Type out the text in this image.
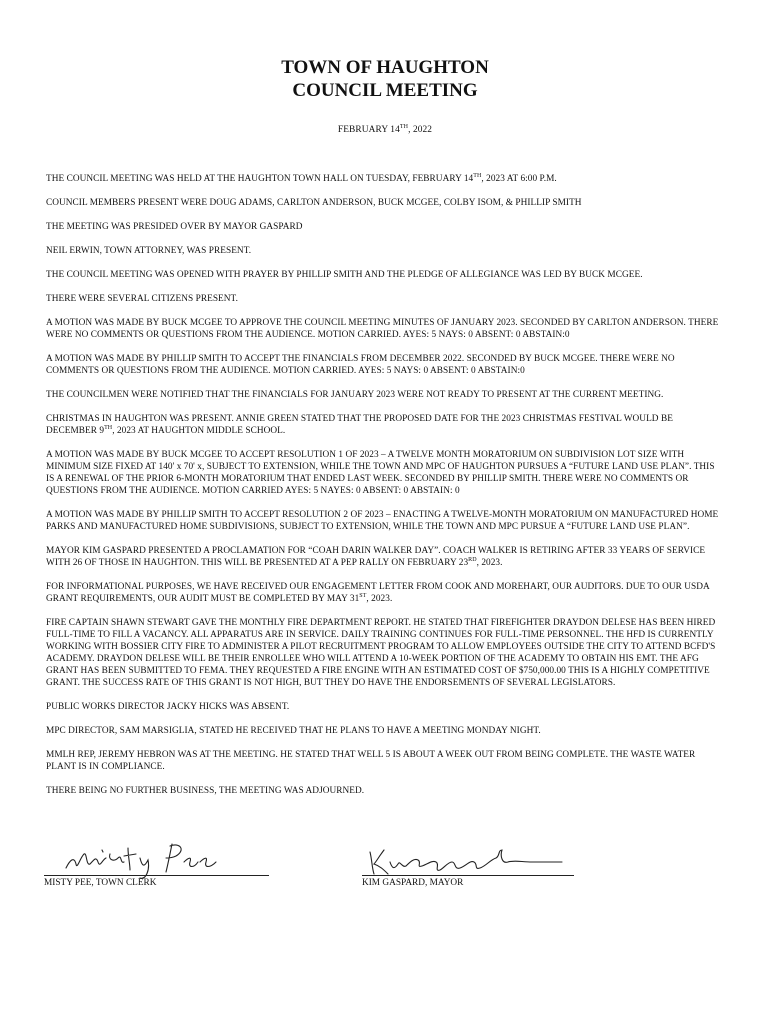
TOWN OF HAUGHTON
COUNCIL MEETING
FEBRUARY 14TH, 2022

THE COUNCIL MEETING WAS HELD AT THE HAUGHTON TOWN HALL ON TUESDAY, FEBRUARY 14TH, 2023 AT 6:00 P.M.

COUNCIL MEMBERS PRESENT WERE DOUG ADAMS, CARLTON ANDERSON, BUCK MCGEE, COLBY ISOM, & PHILLIP SMITH

THE MEETING WAS PRESIDED OVER BY MAYOR GASPARD

NEIL ERWIN, TOWN ATTORNEY, WAS PRESENT.

THE COUNCIL MEETING WAS OPENED WITH PRAYER BY PHILLIP SMITH AND THE PLEDGE OF ALLEGIANCE WAS LED BY BUCK MCGEE.

THERE WERE SEVERAL CITIZENS PRESENT.

A MOTION WAS MADE BY BUCK MCGEE TO APPROVE THE COUNCIL MEETING MINUTES OF JANUARY 2023. SECONDED BY CARLTON ANDERSON. THERE WERE NO COMMENTS OR QUESTIONS FROM THE AUDIENCE. MOTION CARRIED. AYES: 5 NAYS: 0 ABSENT: 0 ABSTAIN:0

A MOTION WAS MADE BY PHILLIP SMITH TO ACCEPT THE FINANCIALS FROM DECEMBER 2022. SECONDED BY BUCK MCGEE. THERE WERE NO COMMENTS OR QUESTIONS FROM THE AUDIENCE. MOTION CARRIED. AYES: 5 NAYS: 0 ABSENT: 0 ABSTAIN:0

THE COUNCILMEN WERE NOTIFIED THAT THE FINANCIALS FOR JANUARY 2023 WERE NOT READY TO PRESENT AT THE CURRENT MEETING.

CHRISTMAS IN HAUGHTON WAS PRESENT. ANNIE GREEN STATED THAT THE PROPOSED DATE FOR THE 2023 CHRISTMAS FESTIVAL WOULD BE DECEMBER 9TH, 2023 AT HAUGHTON MIDDLE SCHOOL.

A MOTION WAS MADE BY BUCK MCGEE TO ACCEPT RESOLUTION 1 OF 2023 – A TWELVE MONTH MORATORIUM ON SUBDIVISION LOT SIZE WITH MINIMUM SIZE FIXED AT 140' x 70' x, SUBJECT TO EXTENSION, WHILE THE TOWN AND MPC OF HAUGHTON PURSUES A “FUTURE LAND USE PLAN”. THIS IS A RENEWAL OF THE PRIOR 6-MONTH MORATORIUM THAT ENDED LAST WEEK. SECONDED BY PHILLIP SMITH. THERE WERE NO COMMENTS OR QUESTIONS FROM THE AUDIENCE. MOTION CARRIED AYES: 5 NAYES: 0 ABSENT: 0 ABSTAIN: 0

A MOTION WAS MADE BY PHILLIP SMITH TO ACCEPT RESOLUTION 2 OF 2023 – ENACTING A TWELVE-MONTH MORATORIUM ON MANUFACTURED HOME PARKS AND MANUFACTURED HOME SUBDIVISIONS, SUBJECT TO EXTENSION, WHILE THE TOWN AND MPC PURSUE A “FUTURE LAND USE PLAN”.

MAYOR KIM GASPARD PRESENTED A PROCLAMATION FOR “COAH DARIN WALKER DAY”. COACH WALKER IS RETIRING AFTER 33 YEARS OF SERVICE WITH 26 OF THOSE IN HAUGHTON. THIS WILL BE PRESENTED AT A PEP RALLY ON FEBRUARY 23RD, 2023.

FOR INFORMATIONAL PURPOSES, WE HAVE RECEIVED OUR ENGAGEMENT LETTER FROM COOK AND MOREHART, OUR AUDITORS. DUE TO OUR USDA GRANT REQUIREMENTS, OUR AUDIT MUST BE COMPLETED BY MAY 31ST, 2023.

FIRE CAPTAIN SHAWN STEWART GAVE THE MONTHLY FIRE DEPARTMENT REPORT. HE STATED THAT FIREFIGHTER DRAYDON DELESE HAS BEEN HIRED FULL-TIME TO FILL A VACANCY. ALL APPARATUS ARE IN SERVICE. DAILY TRAINING CONTINUES FOR FULL-TIME PERSONNEL. THE HFD IS CURRENTLY WORKING WITH BOSSIER CITY FIRE TO ADMINISTER A PILOT RECRUITMENT PROGRAM TO ALLOW EMPLOYEES OUTSIDE THE CITY TO ATTEND BCFD'S ACADEMY. DRAYDON DELESE WILL BE THEIR ENROLLEE WHO WILL ATTEND A 10-WEEK PORTION OF THE ACADEMY TO OBTAIN HIS EMT. THE AFG GRANT HAS BEEN SUBMITTED TO FEMA. THEY REQUESTED A FIRE ENGINE WITH AN ESTIMATED COST OF $750,000.00 THIS IS A HIGHLY COMPETITIVE GRANT. THE SUCCESS RATE OF THIS GRANT IS NOT HIGH, BUT THEY DO HAVE THE ENDORSEMENTS OF SEVERAL LEGISLATORS.

PUBLIC WORKS DIRECTOR JACKY HICKS WAS ABSENT.

MPC DIRECTOR, SAM MARSIGLIA, STATED HE RECEIVED THAT HE PLANS TO HAVE A MEETING MONDAY NIGHT.

MMLH REP, JEREMY HEBRON WAS AT THE MEETING. HE STATED THAT WELL 5 IS ABOUT A WEEK OUT FROM BEING COMPLETE. THE WASTE WATER PLANT IS IN COMPLIANCE.

THERE BEING NO FURTHER BUSINESS, THE MEETING WAS ADJOURNED.

MISTY PEE, TOWN CLERK	KIM GASPARD, MAYOR
